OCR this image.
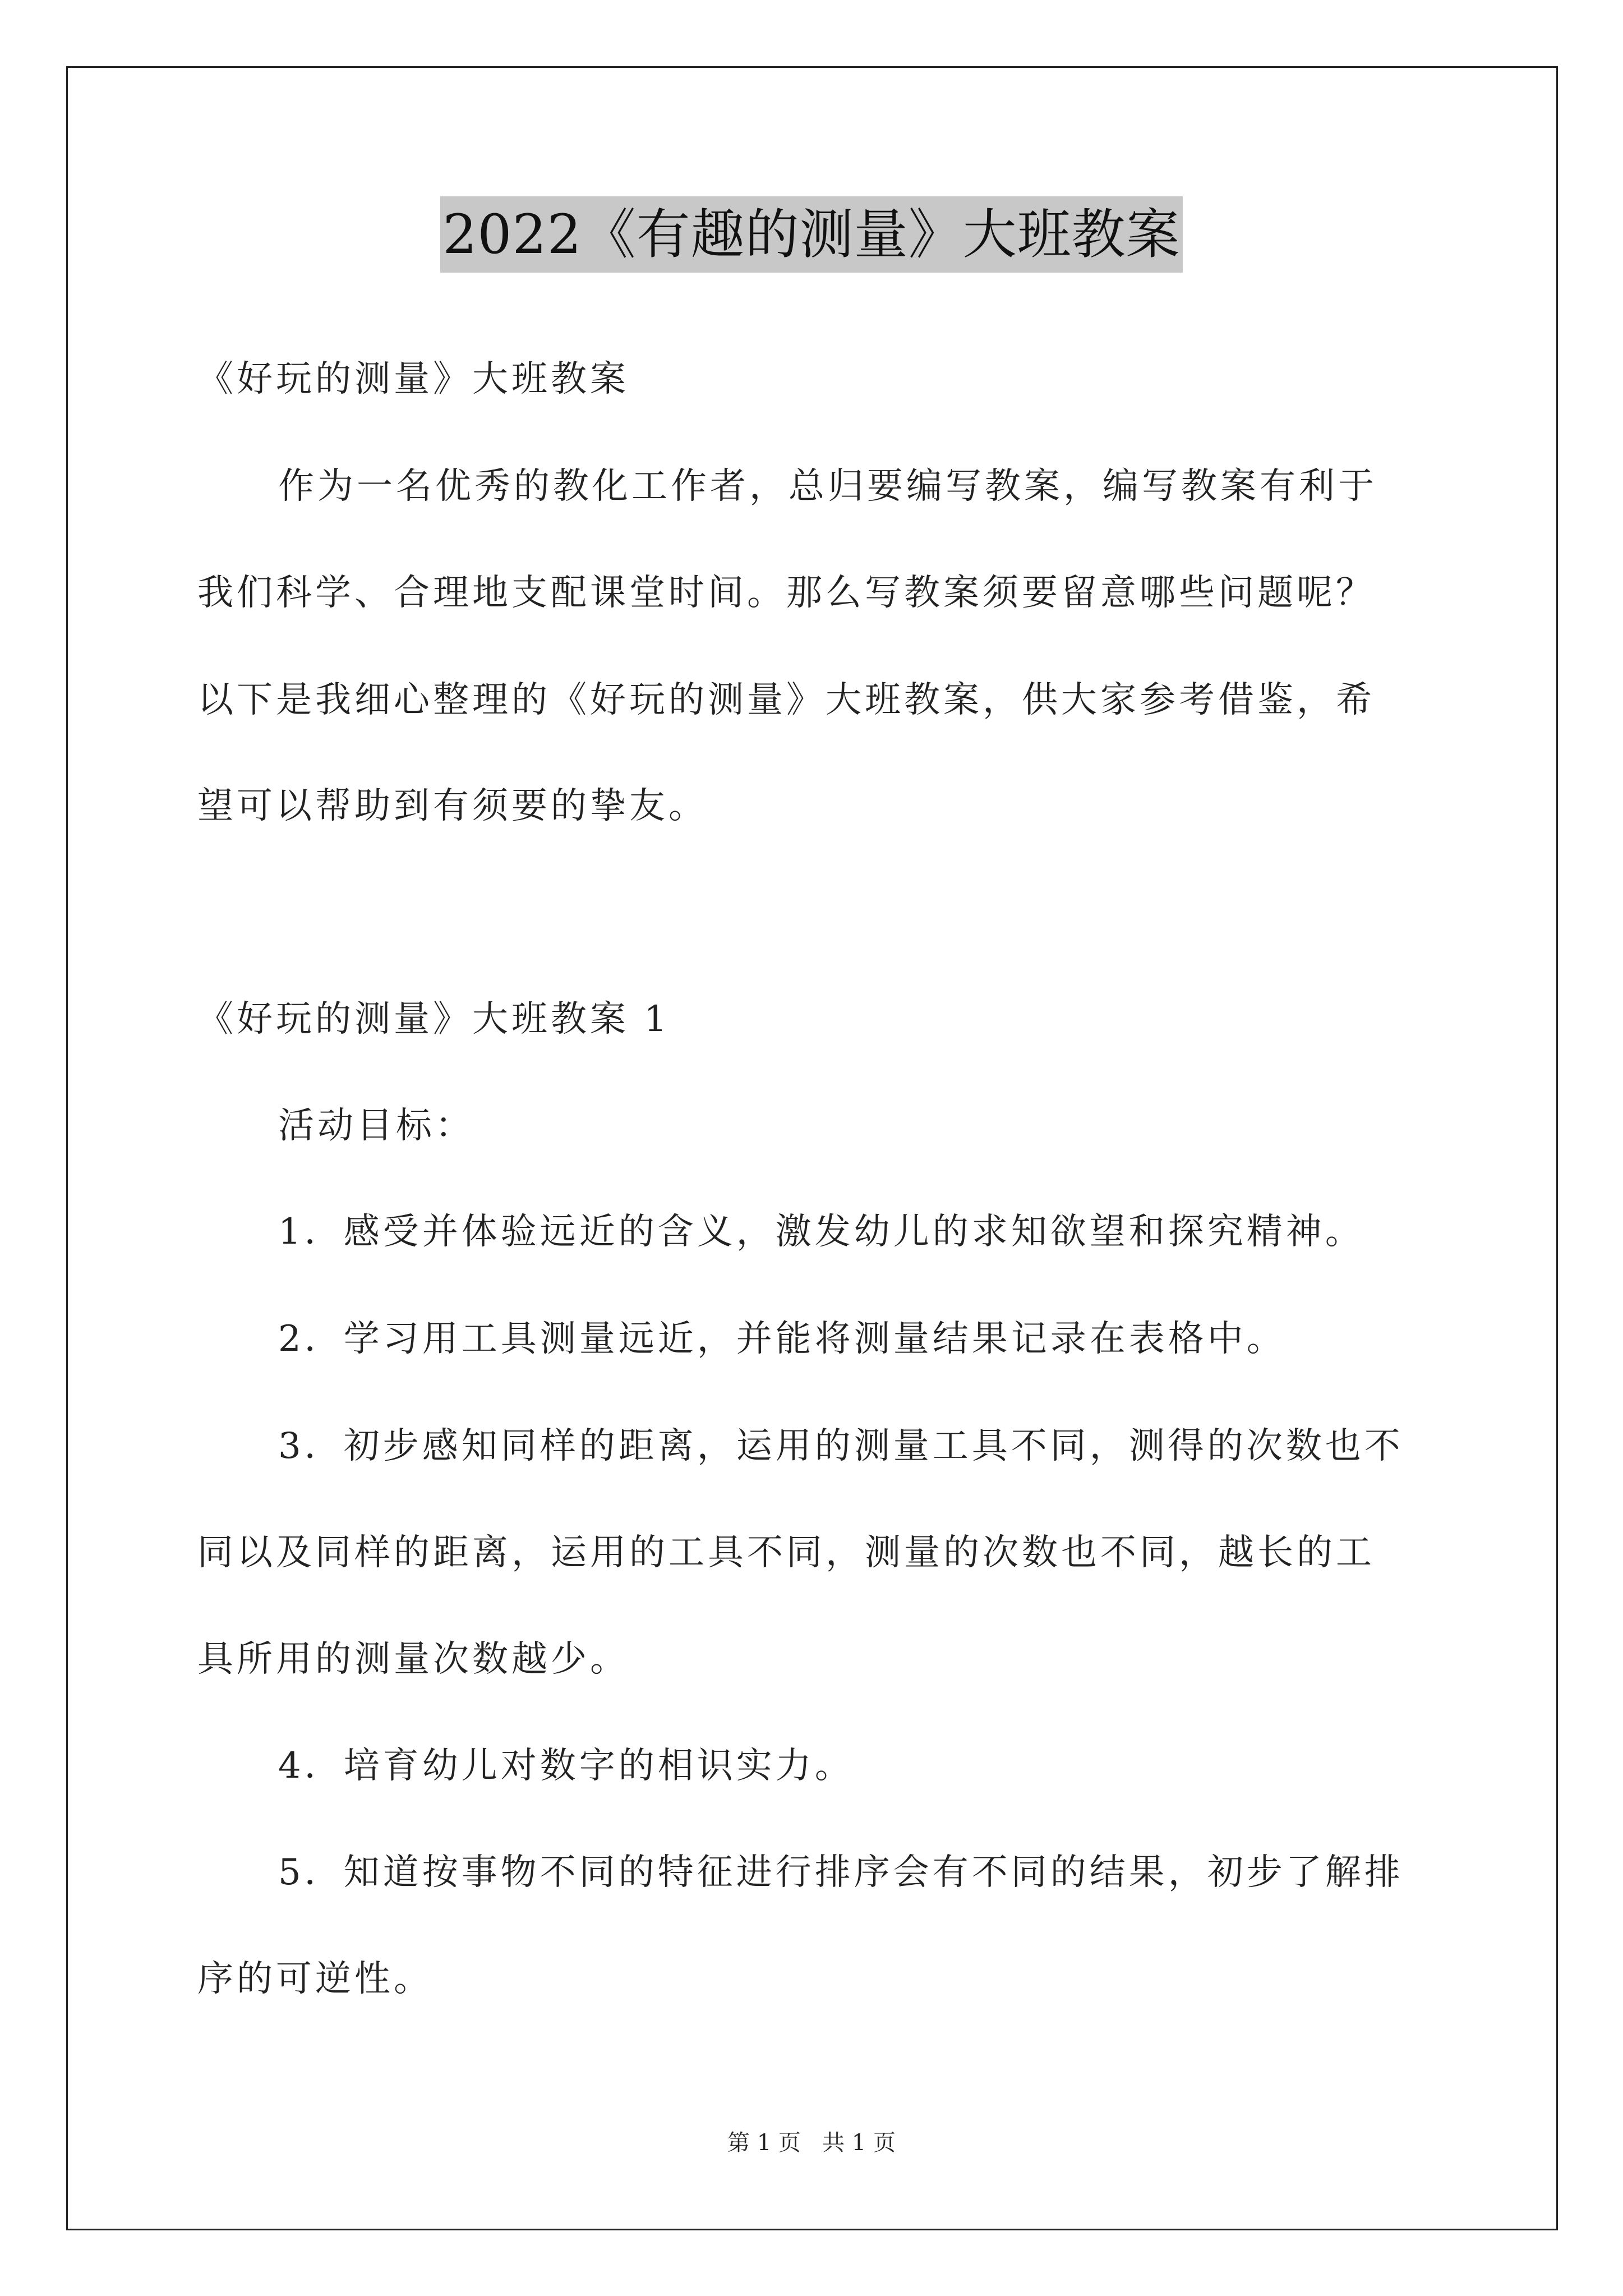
2022《有趣的测量》大班教案
《好玩的测量》大班教案
作为一名优秀的教化工作者，总归要编写教案，编写教案有利于
我们科学、合理地支配课堂时间。那么写教案须要留意哪些问题呢？
以下是我细心整理的《好玩的测量》大班教案，供大家参考借鉴，希
望可以帮助到有须要的挚友。
《好玩的测量》大班教案 1
活动目标：
1．感受并体验远近的含义，激发幼儿的求知欲望和探究精神。
2．学习用工具测量远近，并能将测量结果记录在表格中。
3．初步感知同样的距离，运用的测量工具不同，测得的次数也不
同以及同样的距离，运用的工具不同，测量的次数也不同，越长的工
具所用的测量次数越少。
4．培育幼儿对数字的相识实力。
5．知道按事物不同的特征进行排序会有不同的结果，初步了解排
序的可逆性。
第 1 页   共 1 页
